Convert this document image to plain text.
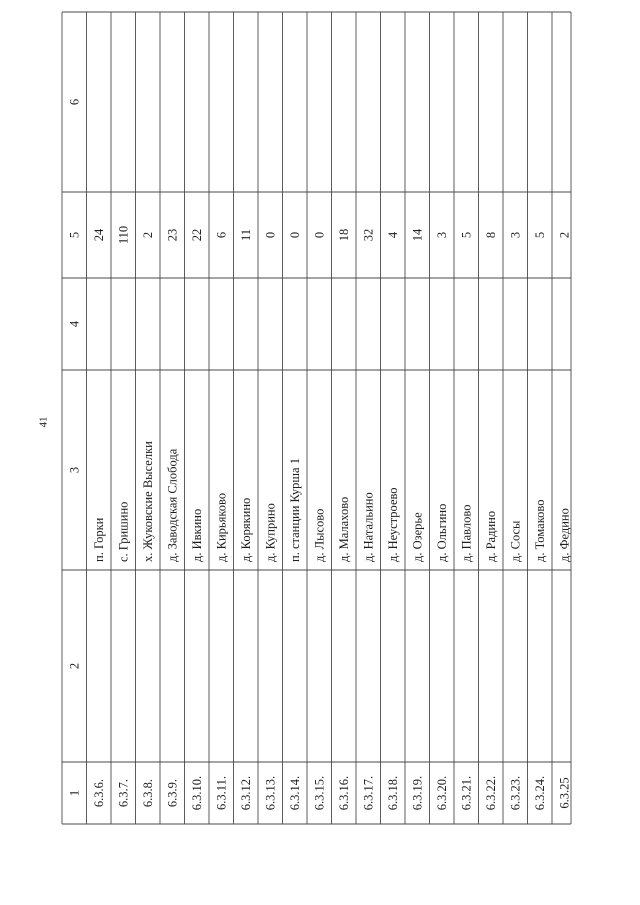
41
6
5
4
3
2
1 6.3.6.
п. Горки
24
6.3.7.
с. Гришино
110
6.3.8.
х. Жуковские Выселки
2
6.3.9.
д. Заводская Слобода
23
6.3.10.
д. Ивкино
22
6.3.11.
д. Кирьяково
6
6.3.12.
д. Корякино
11
6.3.13.
д. Куприно
0
6.3.14.
п. станции Курша 1
0
6.3.15.
д. Лысово
0
6.3.16.
д. Малахово
18
6.3.17.
д. Натальино
32
6.3.18.
д. Неустроево
4
6.3.19.
д. Озерье
14
6.3.20.
д. Ольгино
3
6.3.21.
д. Павлово
5
6.3.22.
д. Радино
8
6.3.23.
д. Сосы
3
6.3.24.
д. Томаково
5
6.3.25
д. Федино
2
